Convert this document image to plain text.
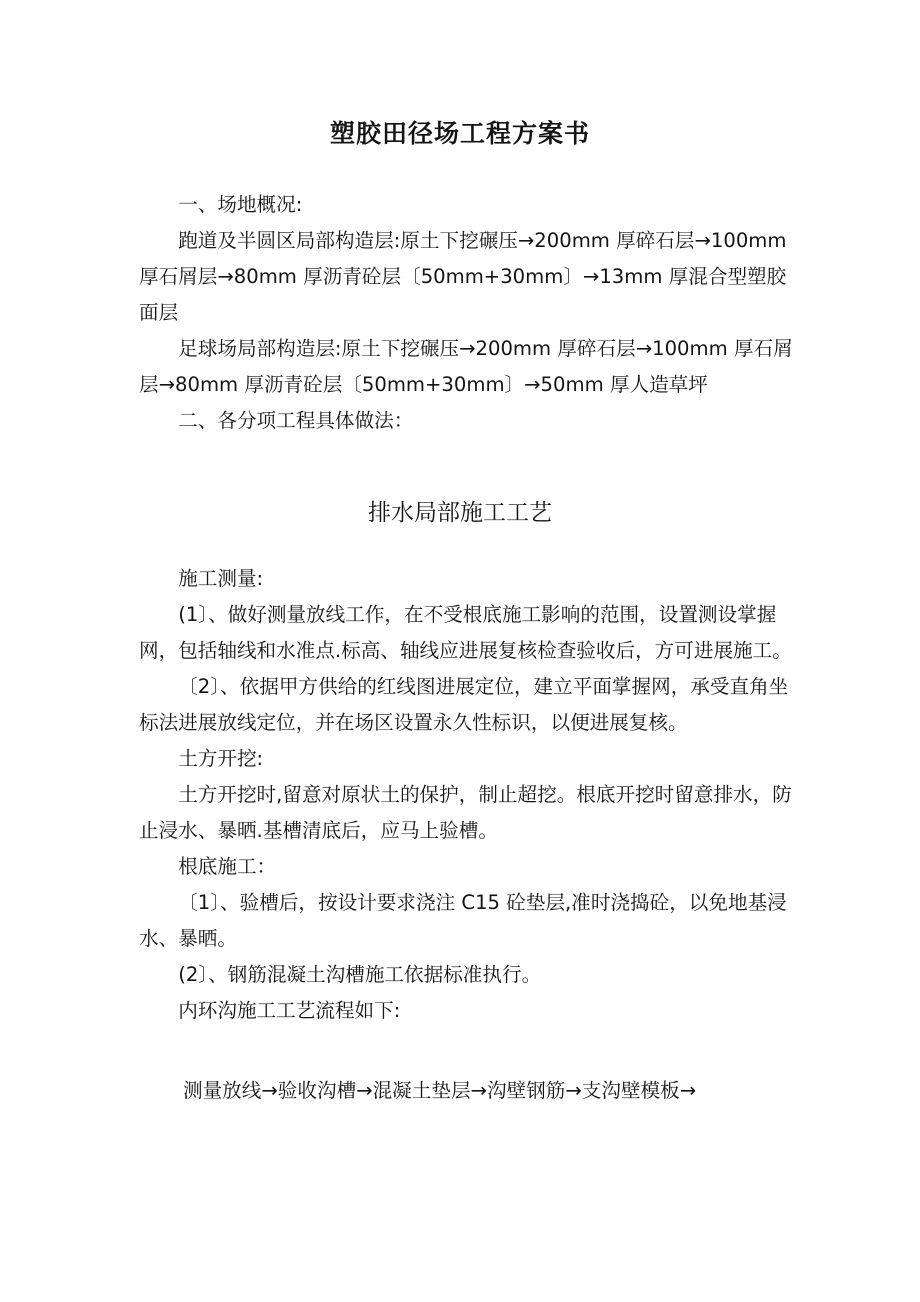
塑胶田径场工程方案书

一、场地概况:

跑道及半圆区局部构造层:原土下挖碾压→200mm 厚碎石层→100mm 厚石屑层→80mm 厚沥青砼层〔50mm+30mm〕→13mm 厚混合型塑胶面层

足球场局部构造层:原土下挖碾压→200mm 厚碎石层→100mm 厚石屑层→80mm 厚沥青砼层〔50mm+30mm〕→50mm 厚人造草坪

二、各分项工程具体做法：

排水局部施工工艺

施工测量:

(1〕、做好测量放线工作，在不受根底施工影响的范围，设置测设掌握网，包括轴线和水准点.标高、轴线应进展复核检查验收后，方可进展施工。

〔2〕、依据甲方供给的红线图进展定位，建立平面掌握网，承受直角坐标法进展放线定位，并在场区设置永久性标识，以便进展复核。

土方开挖:

土方开挖时,留意对原状土的保护，制止超挖。根底开挖时留意排水，防止浸水、暴晒.基槽清底后，应马上验槽。

根底施工：

〔1〕、验槽后，按设计要求浇注 C15 砼垫层,准时浇捣砼，以免地基浸水、暴晒。

(2〕、钢筋混凝土沟槽施工依据标准执行。

内环沟施工工艺流程如下:

测量放线→验收沟槽→混凝土垫层→沟壁钢筋→支沟壁模板→
